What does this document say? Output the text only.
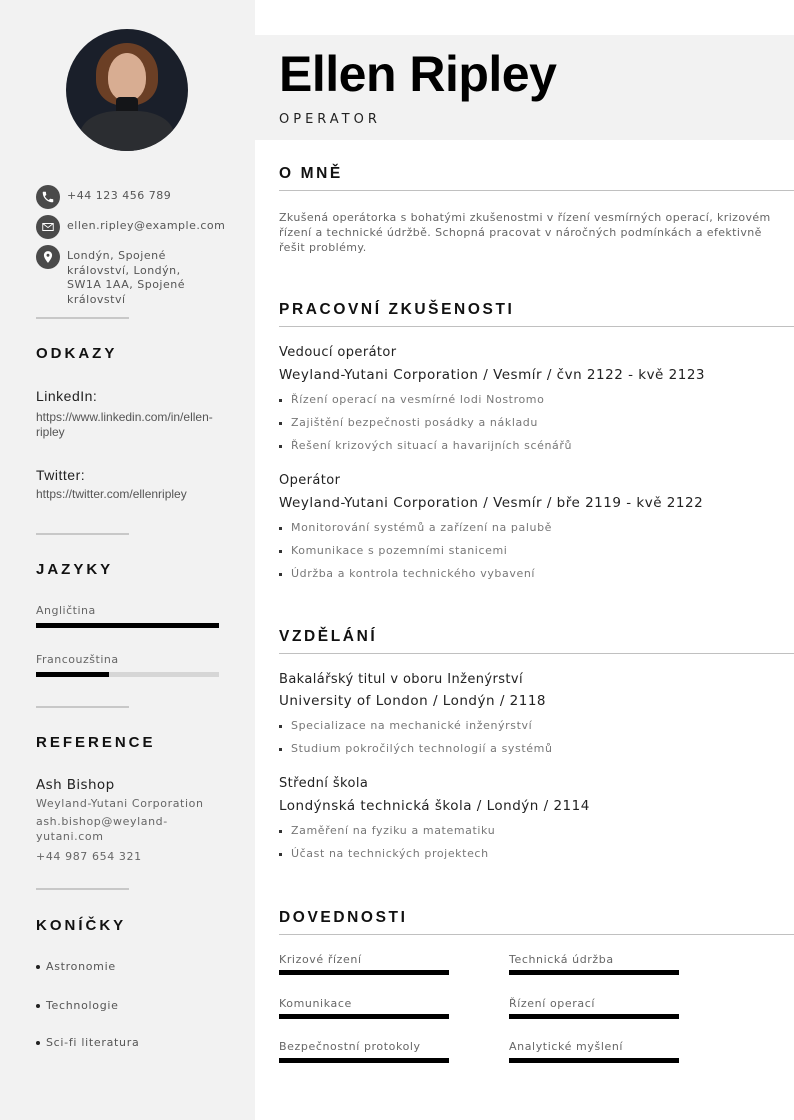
+44 123 456 789
ellen.ripley@example.com
Londýn, Spojené království, Londýn, SW1A 1AA, Spojené království
ODKAZY
LinkedIn:
https://www.linkedin.com/in/ellen-ripley
Twitter:
https://twitter.com/ellenripley
JAZYKY
Angličtina
Francouzština
REFERENCE
Ash Bishop
Weyland-Yutani Corporation
ash.bishop@weyland-yutani.com
+44 987 654 321
KONÍČKY
Astronomie
Technologie
Sci-fi literatura
Ellen Ripley
OPERATOR
O MNĚ

Zkušená operátorka s bohatými zkušenostmi v řízení vesmírných operací, krizovém řízení a technické údržbě. Schopná pracovat v náročných podmínkách a efektivně řešit problémy.

PRACOVNÍ ZKUŠENOSTI
Vedoucí operátor
Weyland-Yutani Corporation / Vesmír / čvn 2122 - kvě 2123
Řízení operací na vesmírné lodi Nostromo
Zajištění bezpečnosti posádky a nákladu
Řešení krizových situací a havarijních scénářů
Operátor
Weyland-Yutani Corporation / Vesmír / bře 2119 - kvě 2122
Monitorování systémů a zařízení na palubě
Komunikace s pozemními stanicemi
Údržba a kontrola technického vybavení
VZDĚLÁNÍ
Bakalářský titul v oboru Inženýrství
University of London / Londýn / 2118
Specializace na mechanické inženýrství
Studium pokročilých technologií a systémů
Střední škola
Londýnská technická škola / Londýn / 2114
Zaměření na fyziku a matematiku
Účast na technických projektech
DOVEDNOSTI
Krizové řízení	Technická údržba
Komunikace	Řízení operací
Bezpečnostní protokoly	Analytické myšlení
